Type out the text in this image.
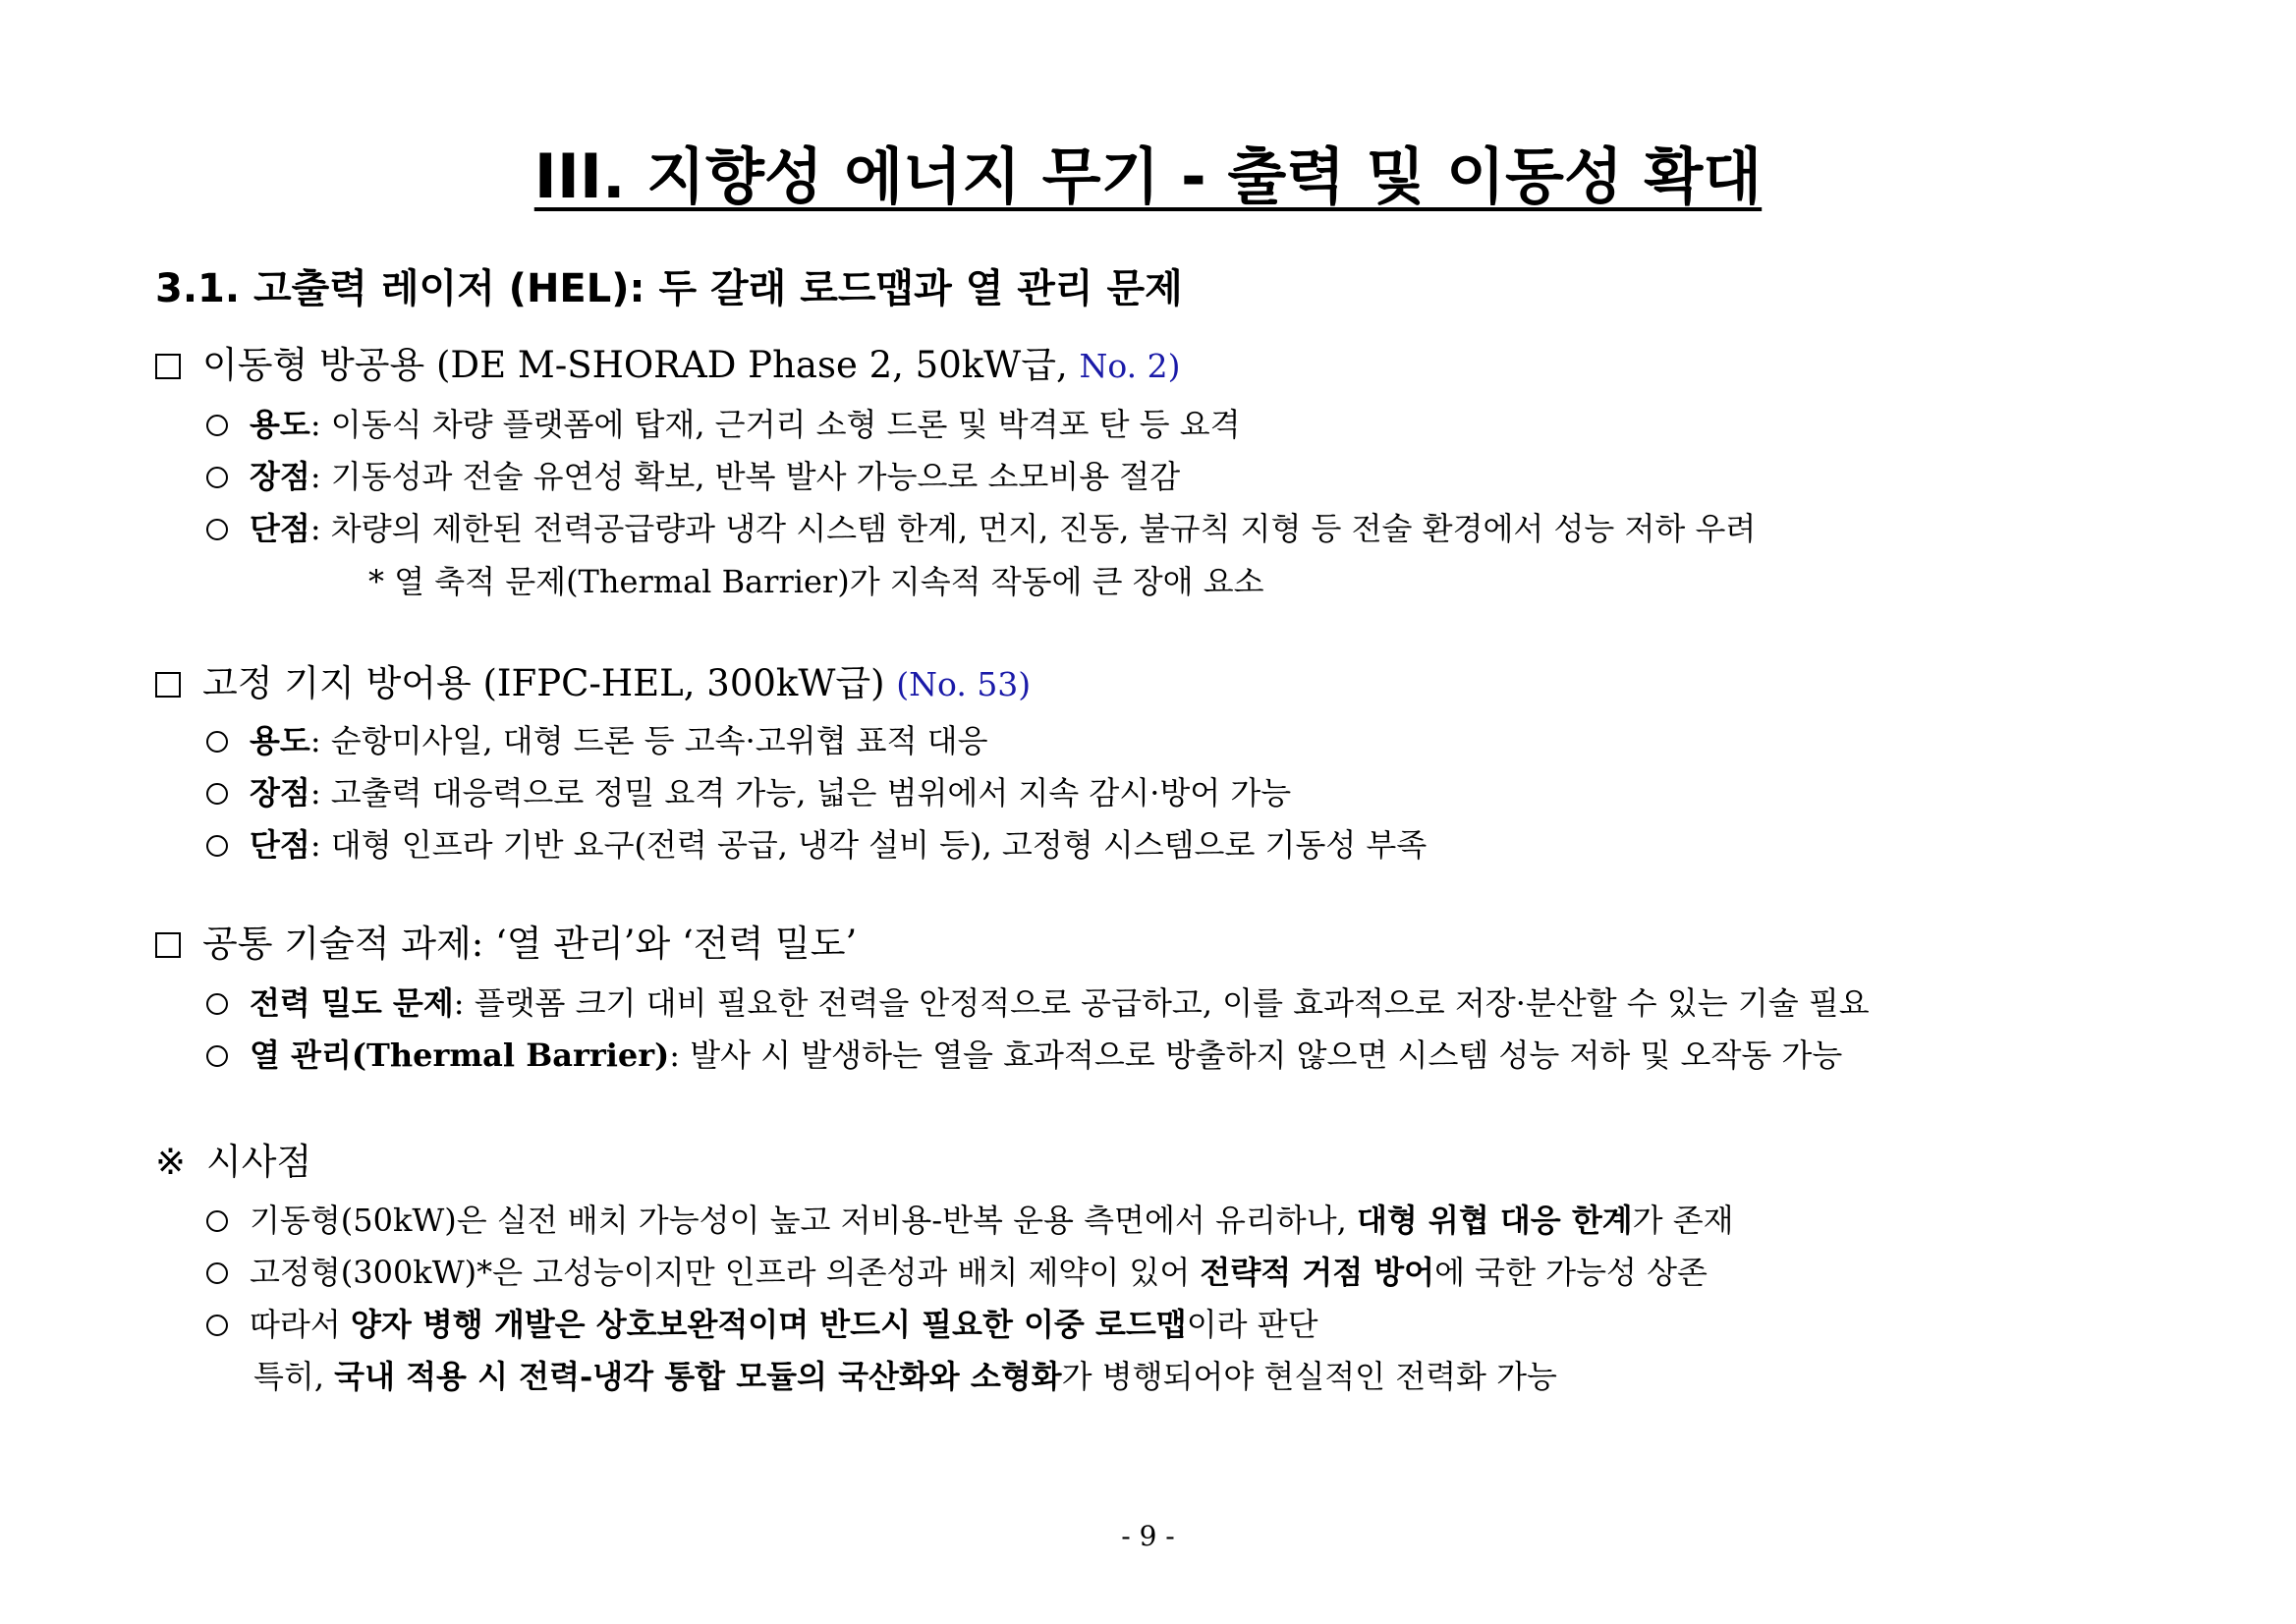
III. 지향성 에너지 무기 - 출력 및 이동성 확대
3.1. 고출력 레이저 (HEL): 두 갈래 로드맵과 열 관리 문제
이동형 방공용 (DE M-SHORAD Phase 2, 50kW급, No. 2)
용도: 이동식 차량 플랫폼에 탑재, 근거리 소형 드론 및 박격포 탄 등 요격
장점: 기동성과 전술 유연성 확보, 반복 발사 가능으로 소모비용 절감
단점: 차량의 제한된 전력공급량과 냉각 시스템 한계, 먼지, 진동, 불규칙 지형 등 전술 환경에서 성능 저하 우려
* 열 축적 문제(Thermal Barrier)가 지속적 작동에 큰 장애 요소
고정 기지 방어용 (IFPC-HEL, 300kW급) (No. 53)
용도: 순항미사일, 대형 드론 등 고속·고위협 표적 대응
장점: 고출력 대응력으로 정밀 요격 가능, 넓은 범위에서 지속 감시·방어 가능
단점: 대형 인프라 기반 요구(전력 공급, 냉각 설비 등), 고정형 시스템으로 기동성 부족
공통 기술적 과제: ‘열 관리’와 ‘전력 밀도’
전력 밀도 문제: 플랫폼 크기 대비 필요한 전력을 안정적으로 공급하고, 이를 효과적으로 저장·분산할 수 있는 기술 필요
열 관리(Thermal Barrier): 발사 시 발생하는 열을 효과적으로 방출하지 않으면 시스템 성능 저하 및 오작동 가능
※ 시사점
기동형(50kW)은 실전 배치 가능성이 높고 저비용-반복 운용 측면에서 유리하나, 대형 위협 대응 한계가 존재
고정형(300kW)*은 고성능이지만 인프라 의존성과 배치 제약이 있어 전략적 거점 방어에 국한 가능성 상존
따라서 양자 병행 개발은 상호보완적이며 반드시 필요한 이중 로드맵이라 판단
특히, 국내 적용 시 전력-냉각 통합 모듈의 국산화와 소형화가 병행되어야 현실적인 전력화 가능
- 9 -
